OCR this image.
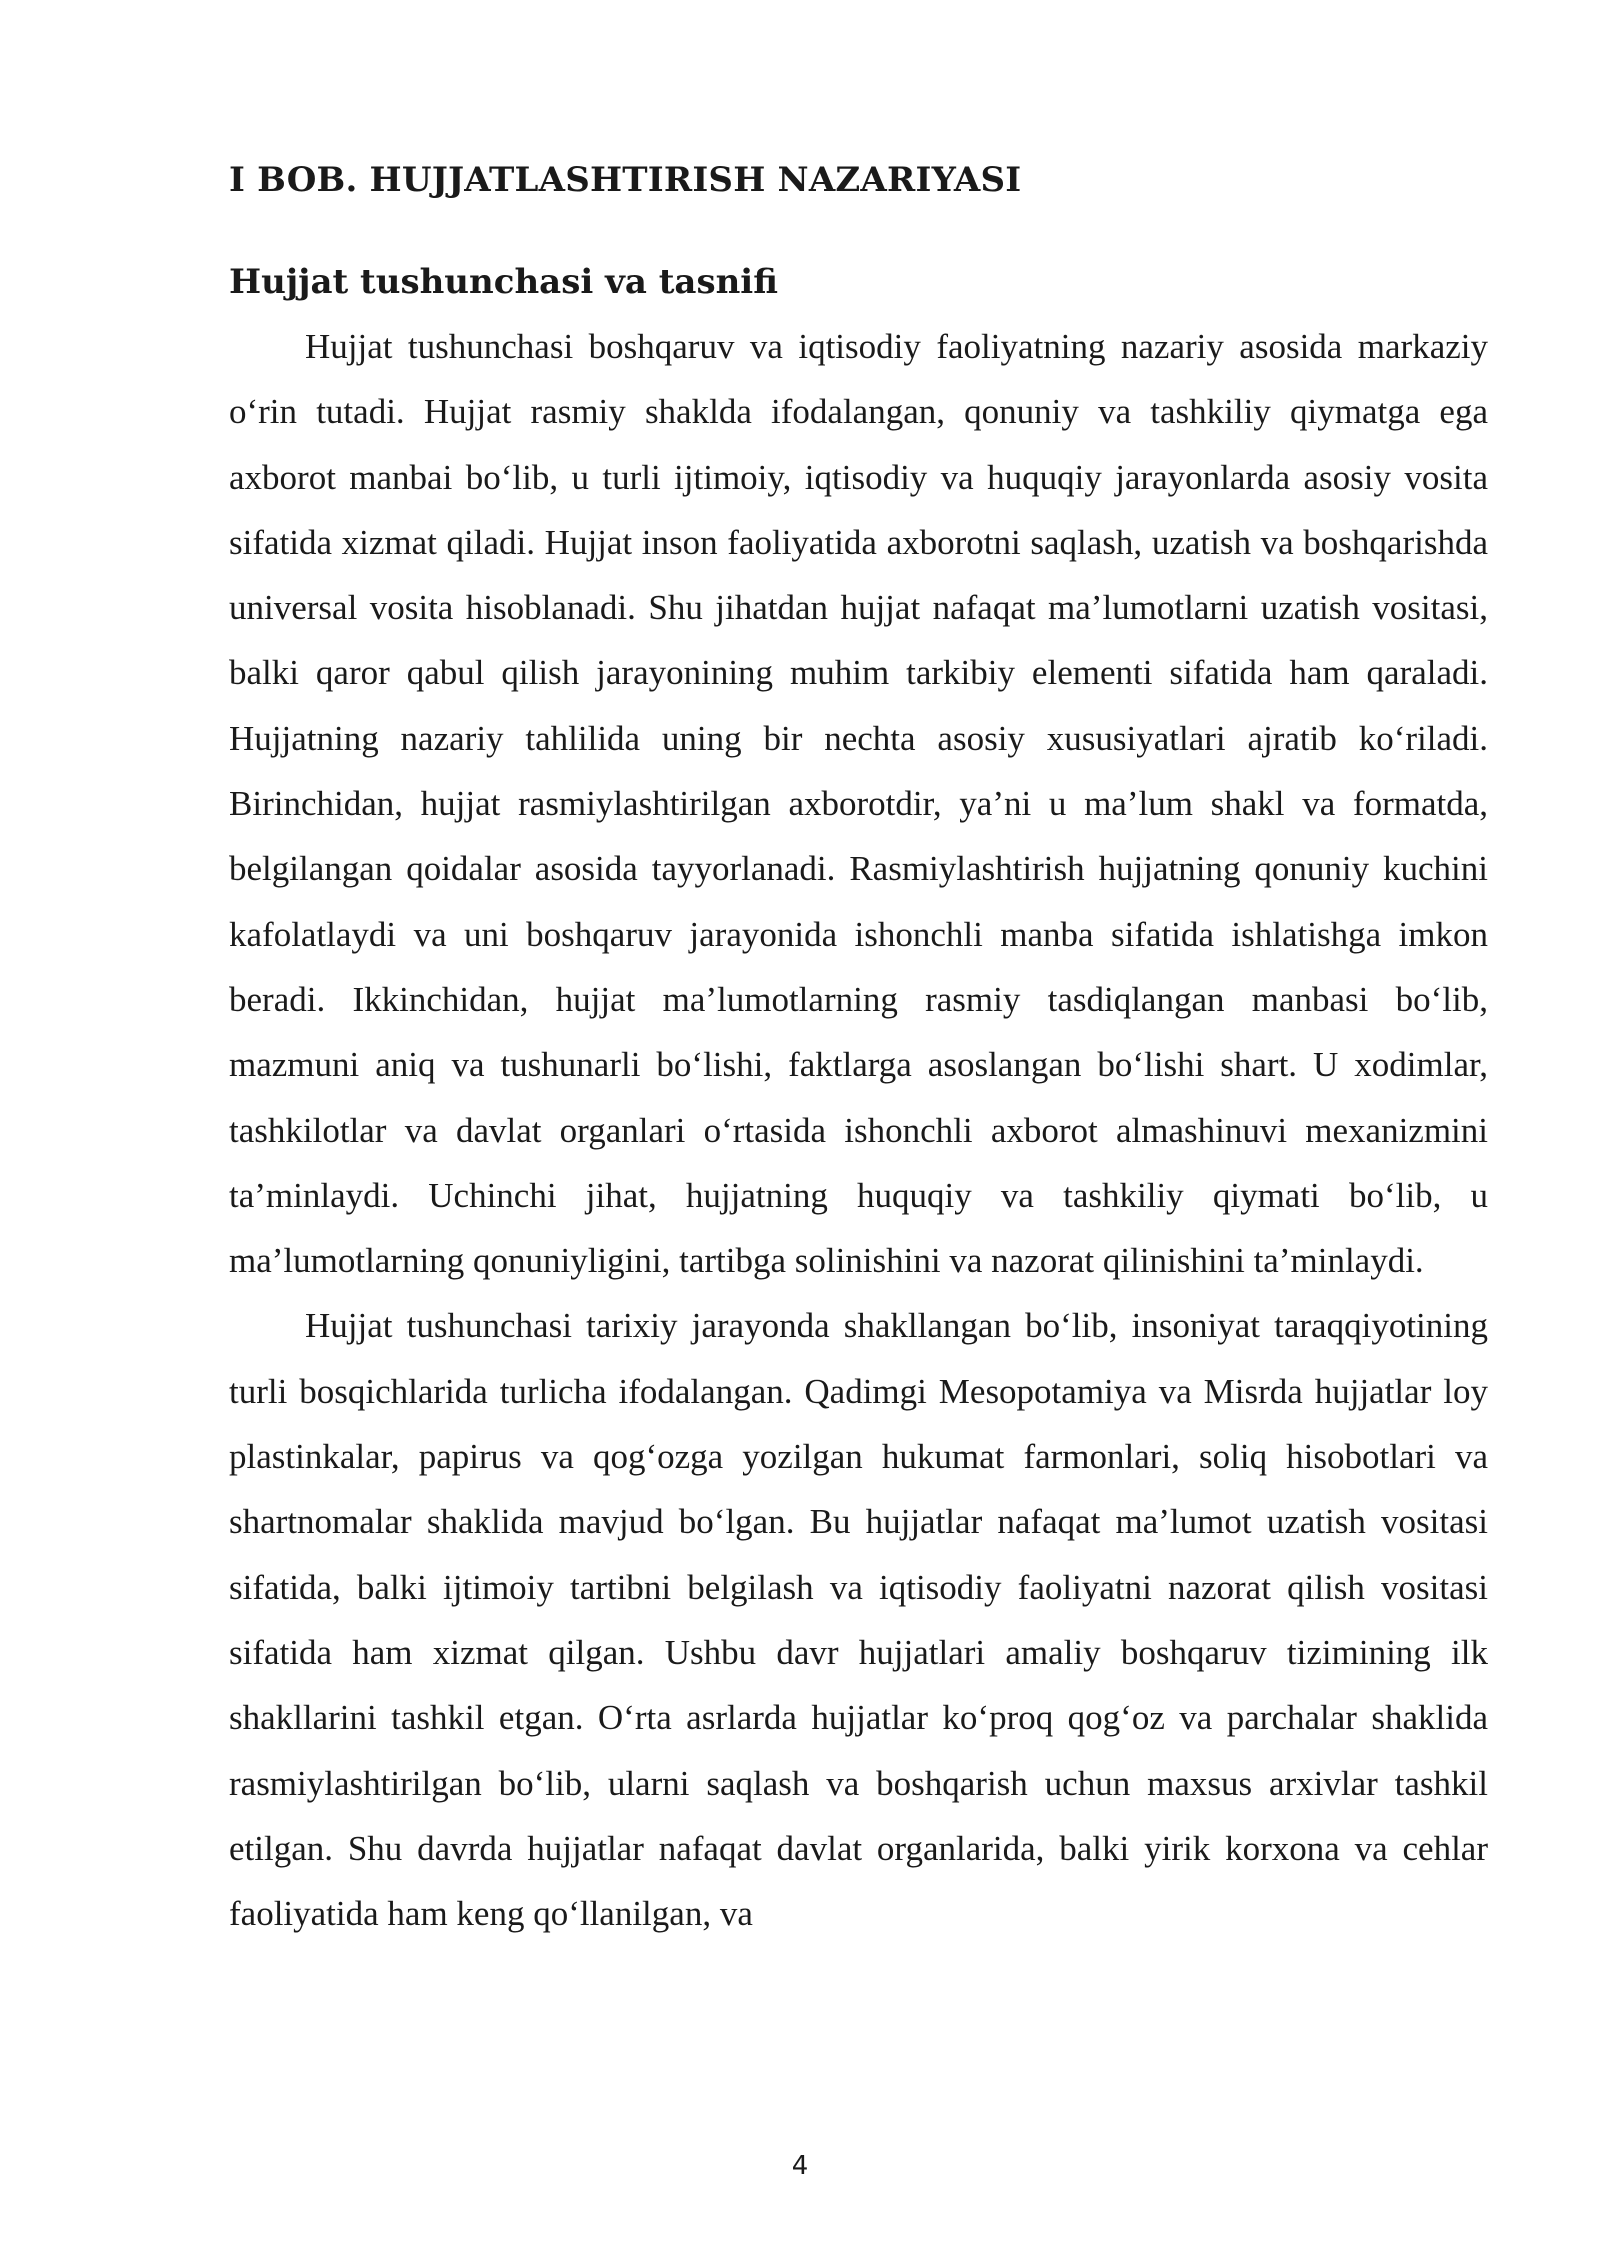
I BOB. HUJJATLASHTIRISH NAZARIYASI
Hujjat tushunchasi va tasnifi

Hujjat tushunchasi boshqaruv va iqtisodiy faoliyatning nazariy asosida markaziy oʻrin tutadi. Hujjat rasmiy shaklda ifodalangan, qonuniy va tashkiliy qiymatga ega axborot manbai boʻlib, u turli ijtimoiy, iqtisodiy va huquqiy jarayonlarda asosiy vosita sifatida xizmat qiladi. Hujjat inson faoliyatida axborotni saqlash, uzatish va boshqarishda universal vosita hisoblanadi. Shu jihatdan hujjat nafaqat ma’lumotlarni uzatish vositasi, balki qaror qabul qilish jarayonining muhim tarkibiy elementi sifatida ham qaraladi. Hujjatning nazariy tahlilida uning bir nechta asosiy xususiyatlari ajratib koʻriladi. Birinchidan, hujjat rasmiylashtirilgan axborotdir, ya’ni u ma’lum shakl va formatda, belgilangan qoidalar asosida tayyorlanadi. Rasmiylashtirish hujjatning qonuniy kuchini kafolatlaydi va uni boshqaruv jarayonida ishonchli manba sifatida ishlatishga imkon beradi. Ikkinchidan, hujjat ma’lumotlarning rasmiy tasdiqlangan manbasi boʻlib, mazmuni aniq va tushunarli boʻlishi, faktlarga asoslangan boʻlishi shart. U xodimlar, tashkilotlar va davlat organlari oʻrtasida ishonchli axborot almashinuvi mexanizmini ta’minlaydi. Uchinchi jihat, hujjatning huquqiy va tashkiliy qiymati boʻlib, u ma’lumotlarning qonuniyligini, tartibga solinishini va nazorat qilinishini ta’minlaydi.

Hujjat tushunchasi tarixiy jarayonda shakllangan boʻlib, insoniyat taraqqiyotining turli bosqichlarida turlicha ifodalangan. Qadimgi Mesopotamiya va Misrda hujjatlar loy plastinkalar, papirus va qogʻozga yozilgan hukumat farmonlari, soliq hisobotlari va shartnomalar shaklida mavjud boʻlgan. Bu hujjatlar nafaqat ma’lumot uzatish vositasi sifatida, balki ijtimoiy tartibni belgilash va iqtisodiy faoliyatni nazorat qilish vositasi sifatida ham xizmat qilgan. Ushbu davr hujjatlari amaliy boshqaruv tizimining ilk shakllarini tashkil etgan. Oʻrta asrlarda hujjatlar koʻproq qogʻoz va parchalar shaklida rasmiylashtirilgan boʻlib, ularni saqlash va boshqarish uchun maxsus arxivlar tashkil etilgan. Shu davrda hujjatlar nafaqat davlat organlarida, balki yirik korxona va cehlar faoliyatida ham keng qoʻllanilgan, va

4
